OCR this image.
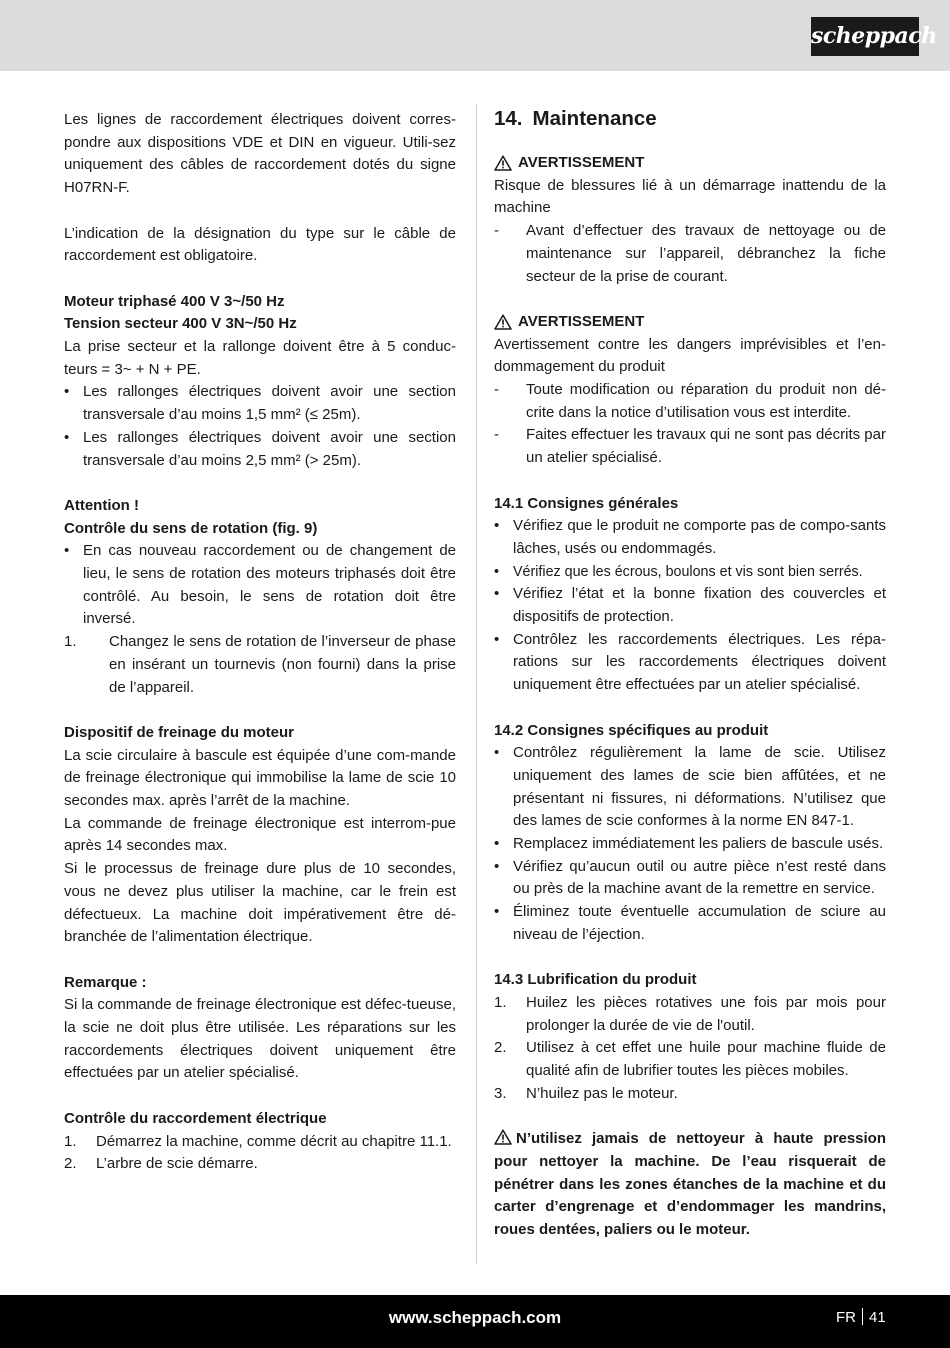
scheppach

Les lignes de raccordement électriques doivent corres-pondre aux dispositions VDE et DIN en vigueur. Utili-sez uniquement des câbles de raccordement dotés du signe H07RN-F.

L’indication de la désignation du type sur le câble de raccordement est obligatoire.

Moteur triphasé 400 V 3~/50 Hz
Tension secteur 400 V 3N~/50 Hz

La prise secteur et la rallonge doivent être à 5 conduc-teurs = 3~ + N + PE.

• Les rallonges électriques doivent avoir une section transversale d’au moins 1,5 mm² (≤ 25m).
• Les rallonges électriques doivent avoir une section transversale d’au moins 2,5 mm² (> 25m).
Attention !
Contrôle du sens de rotation (fig. 9)
• En cas nouveau raccordement ou de changement de lieu, le sens de rotation des moteurs triphasés doit être contrôlé. Au besoin, le sens de rotation doit être inversé.
1. Changez le sens de rotation de l’inverseur de phase en insérant un tournevis (non fourni) dans la prise de l’appareil.
Dispositif de freinage du moteur

La scie circulaire à bascule est équipée d’une com-mande de freinage électronique qui immobilise la lame de scie 10 secondes max. après l’arrêt de la machine.

La commande de freinage électronique est interrom-pue après 14 secondes max.

Si le processus de freinage dure plus de 10 secondes, vous ne devez plus utiliser la machine, car le frein est défectueux. La machine doit impérativement être dé-branchée de l’alimentation électrique.

Remarque :

Si la commande de freinage électronique est défec-tueuse, la scie ne doit plus être utilisée. Les réparations sur les raccordements électriques doivent uniquement être effectuées par un atelier spécialisé.

Contrôle du raccordement électrique
1. Démarrez la machine, comme décrit au chapitre 11.1.
2. L’arbre de scie démarre.
14. Maintenance
AVERTISSEMENT

Risque de blessures lié à un démarrage inattendu de la machine

- Avant d’effectuer des travaux de nettoyage ou de maintenance sur l’appareil, débranchez la fiche secteur de la prise de courant.
AVERTISSEMENT

Avertissement contre les dangers imprévisibles et l’en-dommagement du produit

- Toute modification ou réparation du produit non dé-crite dans la notice d’utilisation vous est interdite.
- Faites effectuer les travaux qui ne sont pas décrits par un atelier spécialisé.
14.1 Consignes générales
• Vérifiez que le produit ne comporte pas de compo-sants lâches, usés ou endommagés.
• Vérifiez que les écrous, boulons et vis sont bien serrés.
• Vérifiez l’état et la bonne fixation des couvercles et dispositifs de protection.
• Contrôlez les raccordements électriques. Les répa-rations sur les raccordements électriques doivent uniquement être effectuées par un atelier spécialisé.
14.2 Consignes spécifiques au produit
• Contrôlez régulièrement la lame de scie. Utilisez uniquement des lames de scie bien affûtées, et ne présentant ni fissures, ni déformations. N’utilisez que des lames de scie conformes à la norme EN 847-1.
• Remplacez immédiatement les paliers de bascule usés.
• Vérifiez qu’aucun outil ou autre pièce n’est resté dans ou près de la machine avant de la remettre en service.
• Éliminez toute éventuelle accumulation de sciure au niveau de l’éjection.
14.3 Lubrification du produit
1. Huilez les pièces rotatives une fois par mois pour prolonger la durée de vie de l'outil.
2. Utilisez à cet effet une huile pour machine fluide de qualité afin de lubrifier toutes les pièces mobiles.
3. N’huilez pas le moteur.

N’utilisez jamais de nettoyeur à haute pression pour nettoyer la machine. De l’eau risquerait de pénétrer dans les zones étanches de la machine et du carter d’engrenage et d’endommager les mandrins, roues dentées, paliers ou le moteur.

www.scheppach.com	FR 41
